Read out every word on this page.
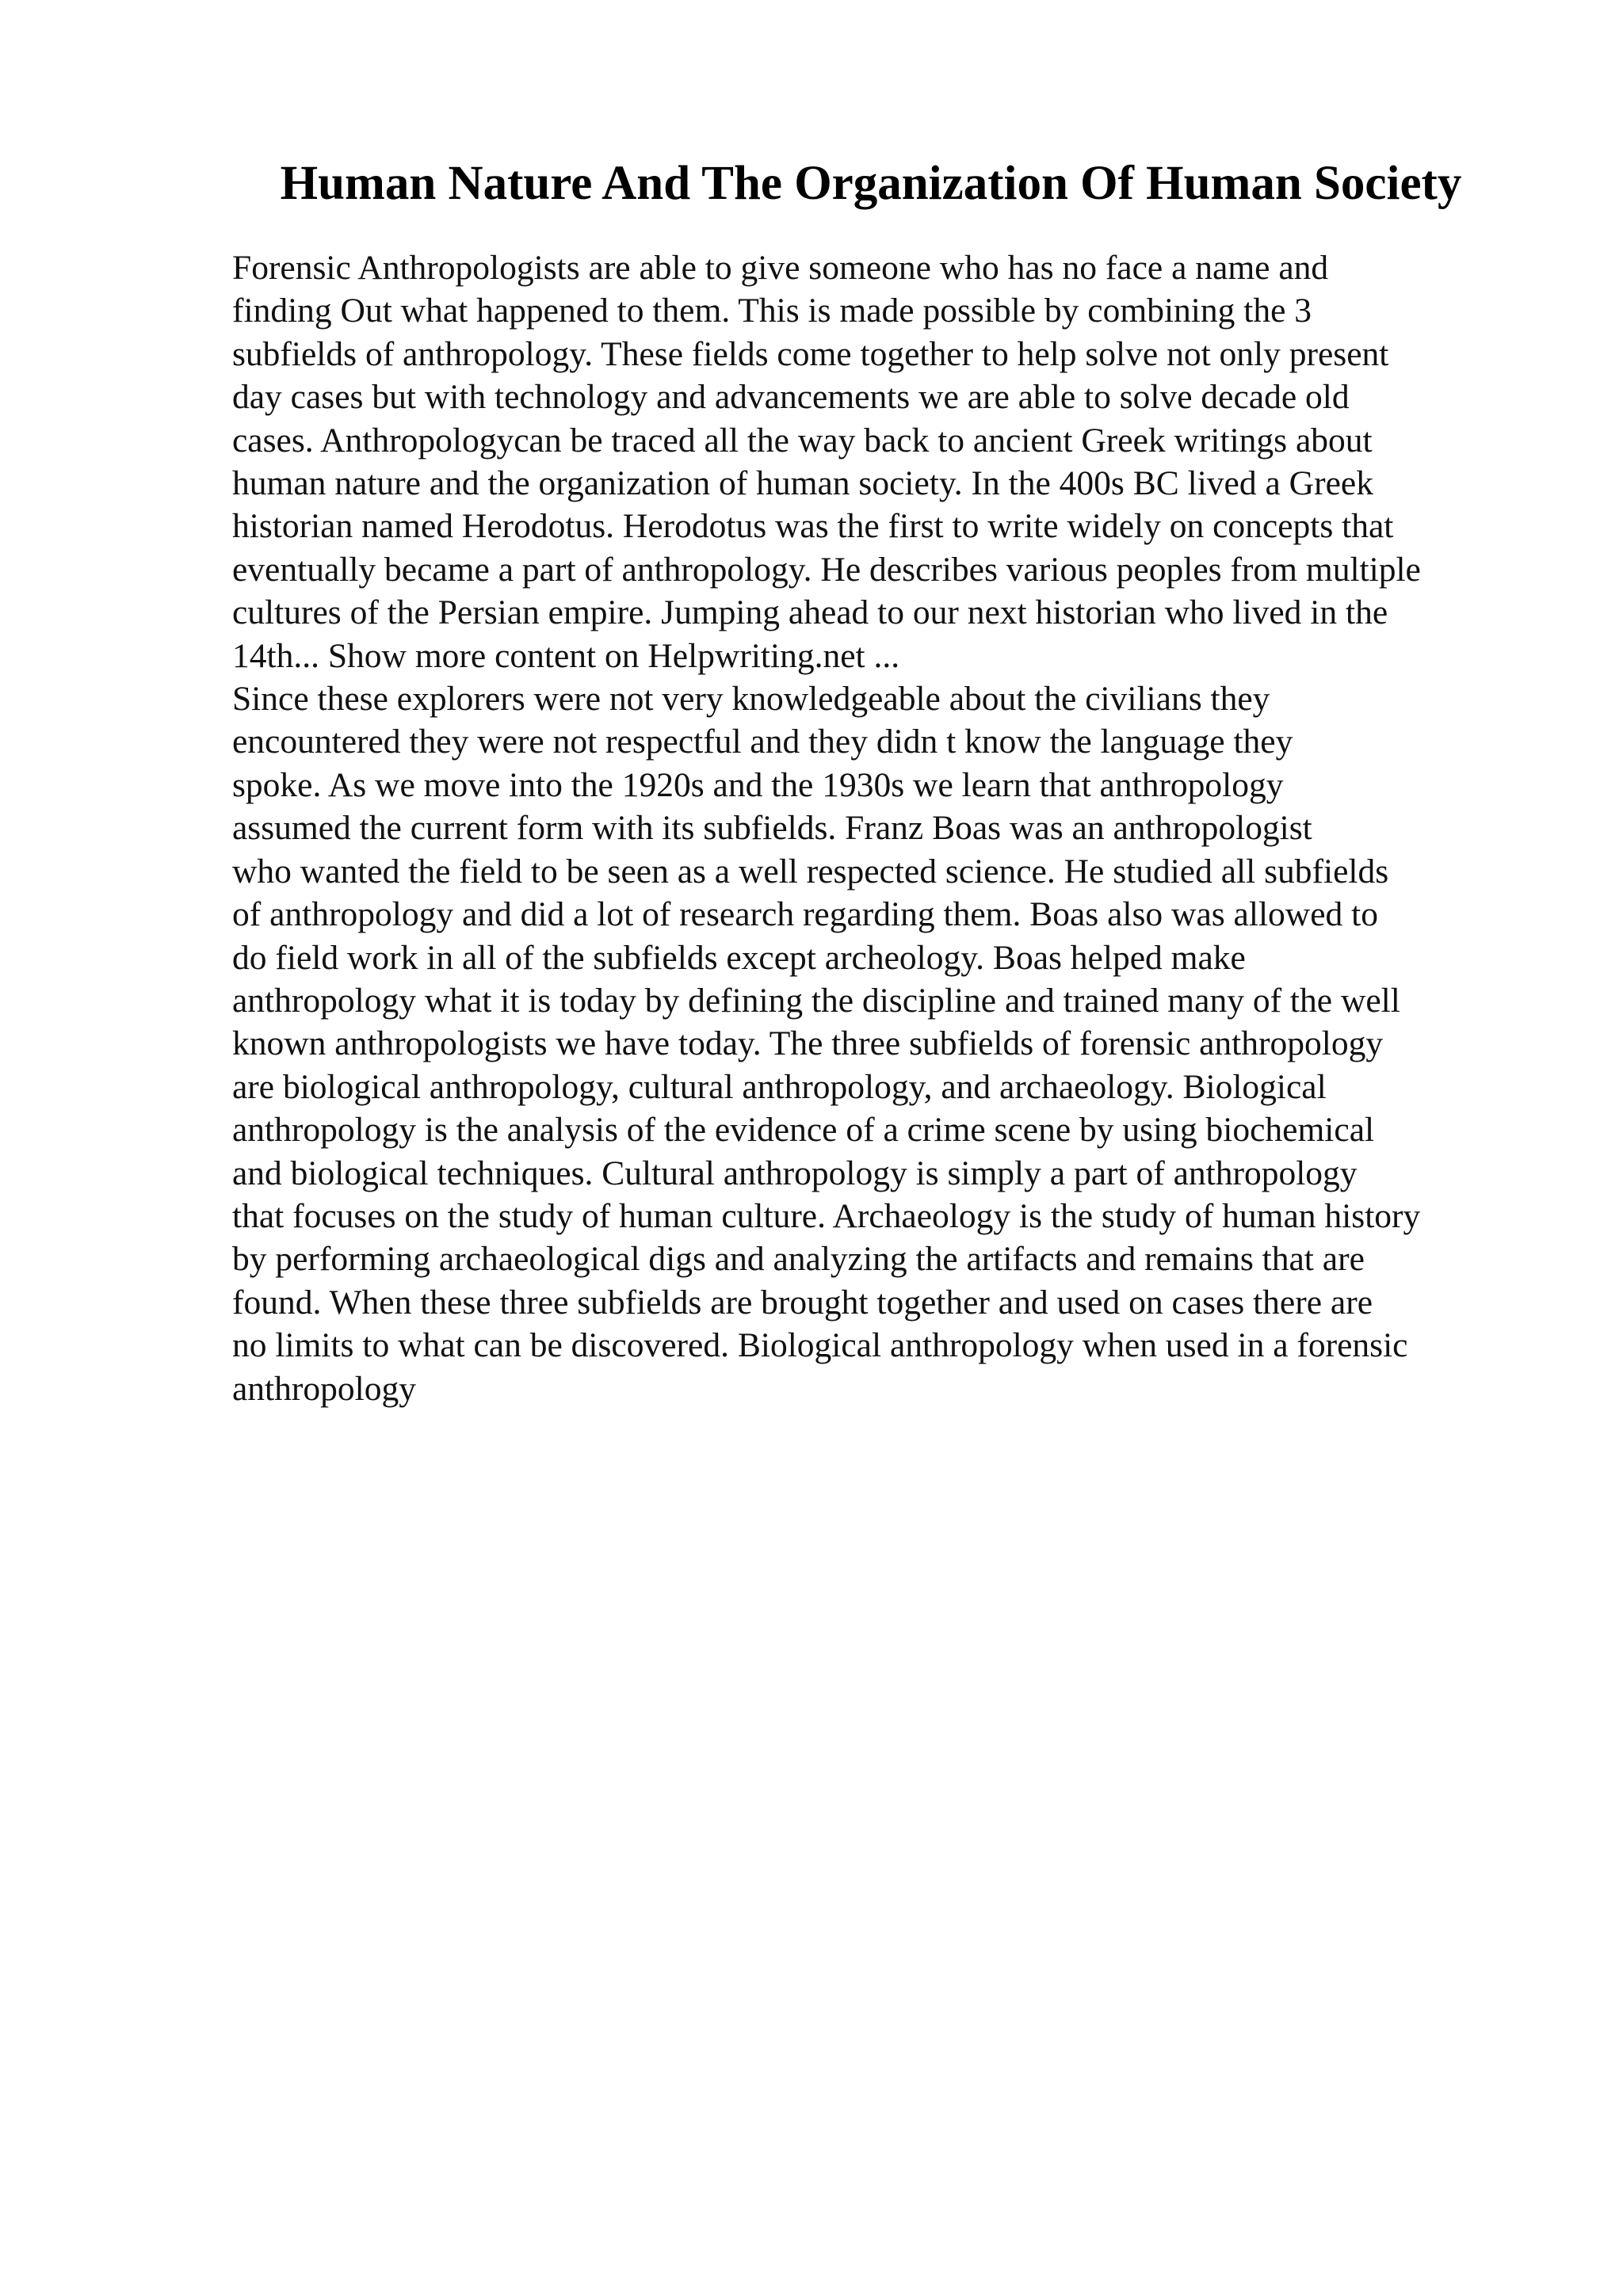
Human Nature And The Organization Of Human Society
Forensic Anthropologists are able to give someone who has no face a name and
finding Out what happened to them. This is made possible by combining the 3
subfields of anthropology. These fields come together to help solve not only present
day cases but with technology and advancements we are able to solve decade old
cases. Anthropologycan be traced all the way back to ancient Greek writings about
human nature and the organization of human society. In the 400s BC lived a Greek
historian named Herodotus. Herodotus was the first to write widely on concepts that
eventually became a part of anthropology. He describes various peoples from multiple
cultures of the Persian empire. Jumping ahead to our next historian who lived in the
14th... Show more content on Helpwriting.net ...
Since these explorers were not very knowledgeable about the civilians they
encountered they were not respectful and they didn t know the language they
spoke. As we move into the 1920s and the 1930s we learn that anthropology
assumed the current form with its subfields. Franz Boas was an anthropologist
who wanted the field to be seen as a well respected science. He studied all subfields
of anthropology and did a lot of research regarding them. Boas also was allowed to
do field work in all of the subfields except archeology. Boas helped make
anthropology what it is today by defining the discipline and trained many of the well
known anthropologists we have today. The three subfields of forensic anthropology
are biological anthropology, cultural anthropology, and archaeology. Biological
anthropology is the analysis of the evidence of a crime scene by using biochemical
and biological techniques. Cultural anthropology is simply a part of anthropology
that focuses on the study of human culture. Archaeology is the study of human history
by performing archaeological digs and analyzing the artifacts and remains that are
found. When these three subfields are brought together and used on cases there are
no limits to what can be discovered. Biological anthropology when used in a forensic
anthropology
